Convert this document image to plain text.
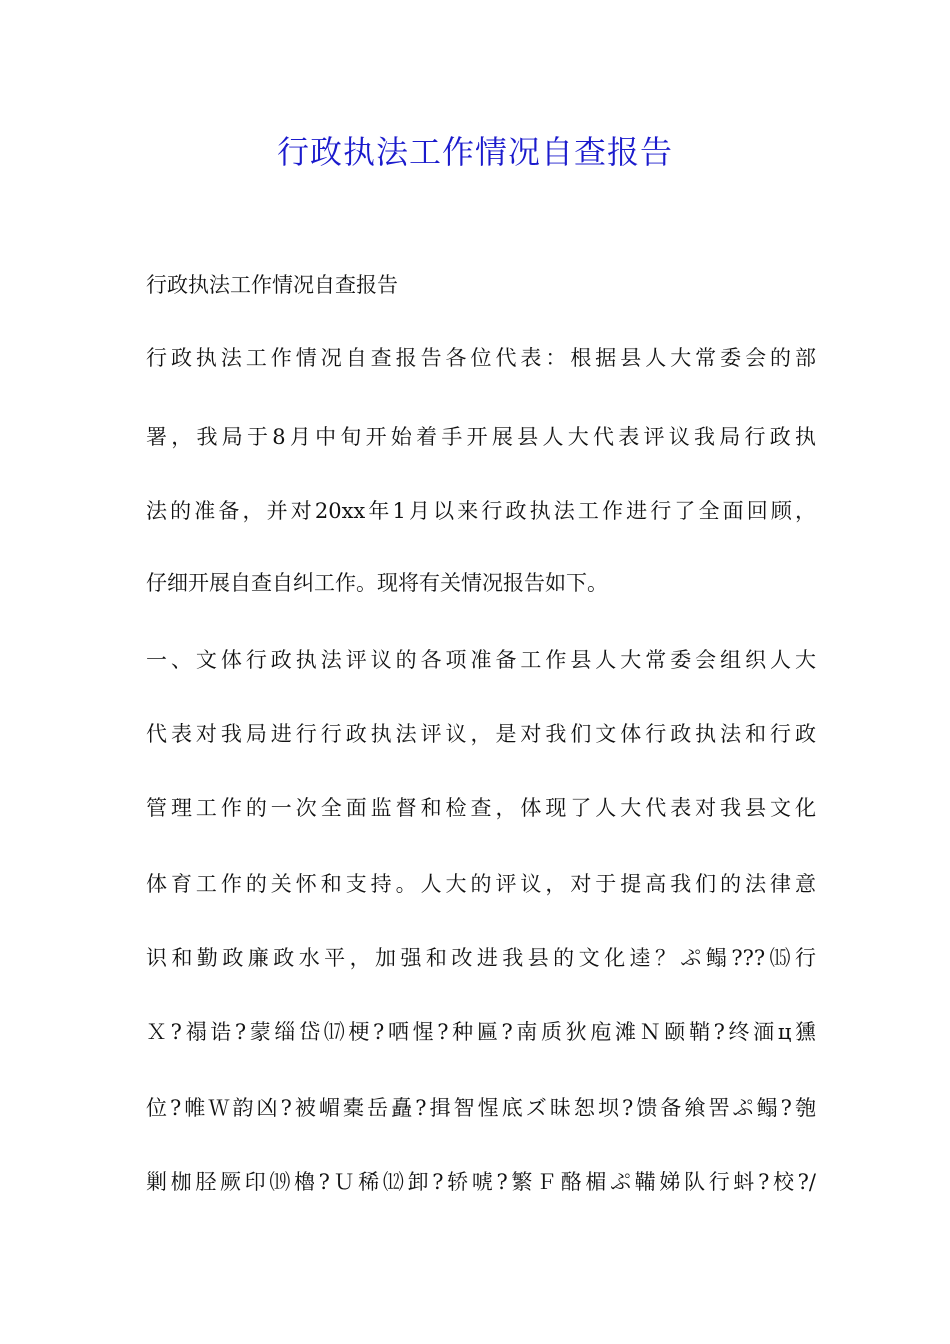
行政执法工作情况自查报告

行政执法工作情况自查报告

行政执法工作情况自查报告各位代表：根据县人大常委会的部

署，我局于8月中旬开始着手开展县人大代表评议我局行政执

法的准备，并对20xx年1月以来行政执法工作进行了全面回顾，

仔细开展自查自纠工作。现将有关情况报告如下。

一、文体行政执法评议的各项准备工作县人大常委会组织人大

代表对我局进行行政执法评议，是对我们文体行政执法和行政

管理工作的一次全面监督和检查，体现了人大代表对我县文化

体育工作的关怀和支持。人大的评议，对于提高我们的法律意

识和勤政廉政水平，加强和改进我县的文化逵？ぷ鳎???⒂行

Ｘ?禢诰?蒙缁岱⒄梗?哂惺?种匾?南质狄庖滩Ｎ颐鞘?终湎ц獯

位?帷Ｗ韵凶?被嵋橐岳矗?揖智惺底ズ昧恕坝?馈备飨罟ぷ鳎?匏

剿枷胫厥印⒆櫓?Ｕ稀⑿卸?轿唬?繁Ｆ酪楣ぷ鞴娣队行蚪?校?/
